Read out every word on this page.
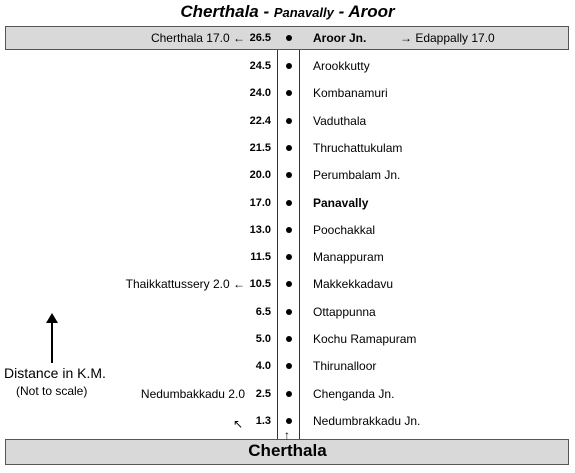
Cherthala - Panavally - Aroor
Cherthala 17.0 ← 26.5	Aroor Jn.	→ Edappally 17.0
24.5	Arookkutty
24.0	Kombanamuri
22.4	Vaduthala
21.5	Thruchattukulam
20.0	Perumbalam Jn.
17.0	Panavally
13.0	Poochakkal
11.5	Manappuram
Thaikkattussery 2.0 ← 10.5	Makkekkadavu
6.5	Ottappunna
5.0	Kochu Ramapuram
4.0	Thirunalloor
Nedumbakkadu 2.0 2.5	Chenganda Jn.
1.3	Nedumbrakkadu Jn.
Cherthala
Distance in K.M.
(Not to scale)
↖
↑
